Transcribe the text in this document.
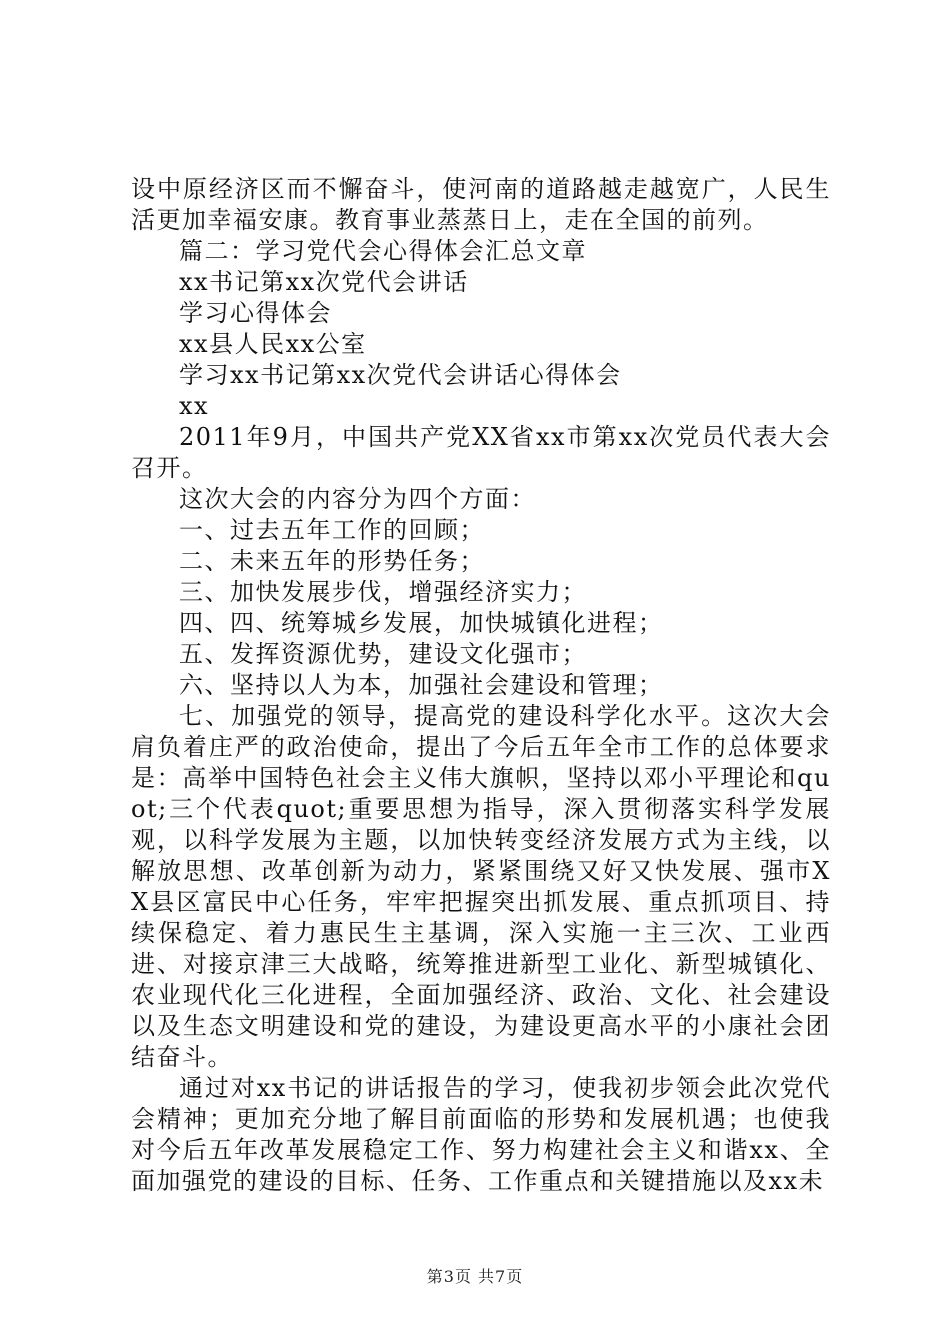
设中原经济区而不懈奋斗，使河南的道路越走越宽广，人民生活更加幸福安康。教育事业蒸蒸日上，走在全国的前列。

篇二：学习党代会心得体会汇总文章

xx书记第xx次党代会讲话

学习心得体会

xx县人民xx公室

学习xx书记第xx次党代会讲话心得体会

xx

2011年9月，中国共产党XX省xx市第xx次党员代表大会召开。

这次大会的内容分为四个方面：

一、过去五年工作的回顾；

二、未来五年的形势任务；

三、加快发展步伐，增强经济实力；

四、四、统筹城乡发展，加快城镇化进程；

五、发挥资源优势，建设文化强市；

六、坚持以人为本，加强社会建设和管理；

七、加强党的领导，提高党的建设科学化水平。这次大会肩负着庄严的政治使命，提出了今后五年全市工作的总体要求是：高举中国特色社会主义伟大旗帜，坚持以邓小平理论和quot;三个代表quot;重要思想为指导，深入贯彻落实科学发展观，以科学发展为主题，以加快转变经济发展方式为主线，以解放思想、改革创新为动力，紧紧围绕又好又快发展、强市XX县区富民中心任务，牢牢把握突出抓发展、重点抓项目、持续保稳定、着力惠民生主基调，深入实施一主三次、工业西进、对接京津三大战略，统筹推进新型工业化、新型城镇化、农业现代化三化进程，全面加强经济、政治、文化、社会建设以及生态文明建设和党的建设，为建设更高水平的小康社会团结奋斗。

通过对xx书记的讲话报告的学习，使我初步领会此次党代会精神；更加充分地了解目前面临的形势和发展机遇；也使我对今后五年改革发展稳定工作、努力构建社会主义和谐xx、全面加强党的建设的目标、任务、工作重点和关键措施以及xx未

第3页 共7页
